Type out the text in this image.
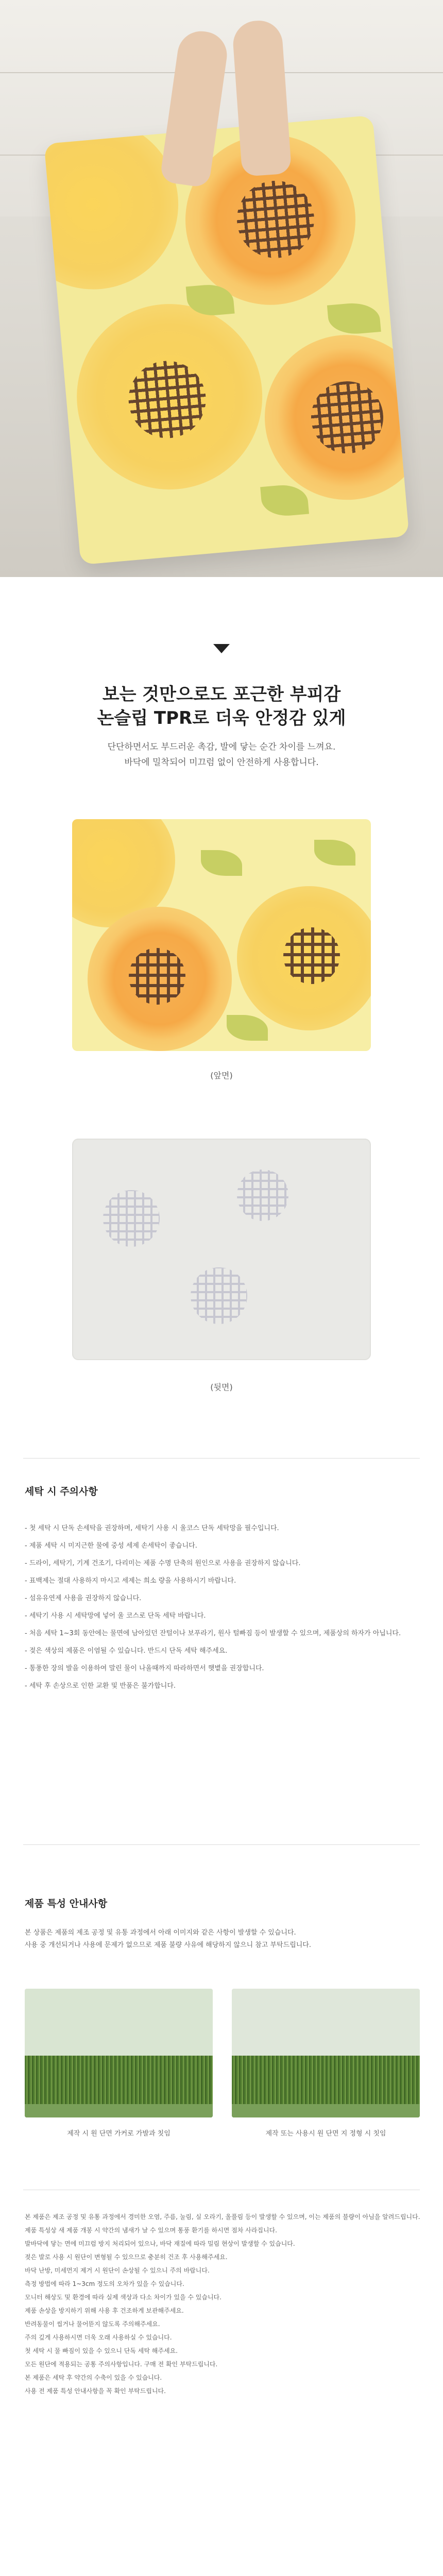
보는 것만으로도 포근한 부피감
논슬립 TPR로 더욱 안정감 있게
단단하면서도 부드러운 촉감, 발에 닿는 순간 차이를 느껴요.
바닥에 밀착되어 미끄럼 없이 안전하게 사용합니다.
(앞면)
(뒷면)
세탁 시 주의사항
- 첫 세탁 시 단독 손세탁을 권장하며, 세탁기 사용 시 울코스 단독 세탁망을 필수입니다.
- 제품 세탁 시 미지근한 물에 중성 세제 손세탁이 좋습니다.
- 드라이, 세탁기, 기계 건조기, 다리미는 제품 수명 단축의 원인으로 사용을 권장하지 않습니다.
- 표백제는 절대 사용하지 마시고 세제는 희소 량을 사용하시기 바랍니다.
- 섬유유연제 사용을 권장하지 않습니다.
- 세탁기 사용 시 세탁망에 넣어 울 코스로 단독 세탁 바랍니다.
- 처음 세탁 1~3회 동안에는 물면에 남아있던 잔털이나 보푸라기, 원사 털빠짐 등이 발생할 수 있으며, 제품상의 하자가 아닙니다.
- 젖은 색상의 제품은 이염될 수 있습니다. 반드시 단독 세탁 해주세요.
- 통풍한 장의 발을 이용하여 말린 물이 나올때까지 따라하면서 햇볕을 권장합니다.
- 세탁 후 손상으로 인한 교환 및 반품은 불가합니다.
제품 특성 안내사항
본 상품은 제품의 제조 공정 및 유통 과정에서 아래 이미지와 같은 사항이 발생할 수 있습니다.
사용 중 개선되거나 사용에 문제가 없으므로 제품 불량 사유에 해당하지 않으니 참고 부탁드립니다.
제작 시 원 단면 가커로 가발과 칫임	제작 또는 사용시 원 단면 지 정형 시 칫임
본 제품은 제조 공정 및 유통 과정에서 경미한 오염, 주름, 눌림, 실 오라기, 올풀림 등이 발생할 수 있으며, 이는 제품의 불량이 아님을 알려드립니다.
제품 특성상 새 제품 개봉 시 약간의 냄새가 날 수 있으며 통풍 환기를 하시면 점차 사라집니다.
발바닥에 닿는 면에 미끄럼 방지 처리되어 있으나, 바닥 재질에 따라 밀림 현상이 발생할 수 있습니다.
젖은 발로 사용 시 원단이 변형될 수 있으므로 충분히 건조 후 사용해주세요.
바닥 난방, 미세먼지 제거 시 원단이 손상될 수 있으니 주의 바랍니다.
측정 방법에 따라 1~3cm 정도의 오차가 있을 수 있습니다.
모니터 해상도 및 환경에 따라 실제 색상과 다소 차이가 있을 수 있습니다.
제품 손상을 방지하기 위해 사용 후 건조하게 보관해주세요.
반려동물이 씹거나 물어뜯지 않도록 주의해주세요.
주의 깊게 사용하시면 더욱 오래 사용하실 수 있습니다.
첫 세탁 시 물 빠짐이 있을 수 있으니 단독 세탁 해주세요.
모든 원단에 적용되는 공통 주의사항입니다. 구매 전 확인 부탁드립니다.
본 제품은 세탁 후 약간의 수축이 있을 수 있습니다.
사용 전 제품 특성 안내사항을 꼭 확인 부탁드립니다.
